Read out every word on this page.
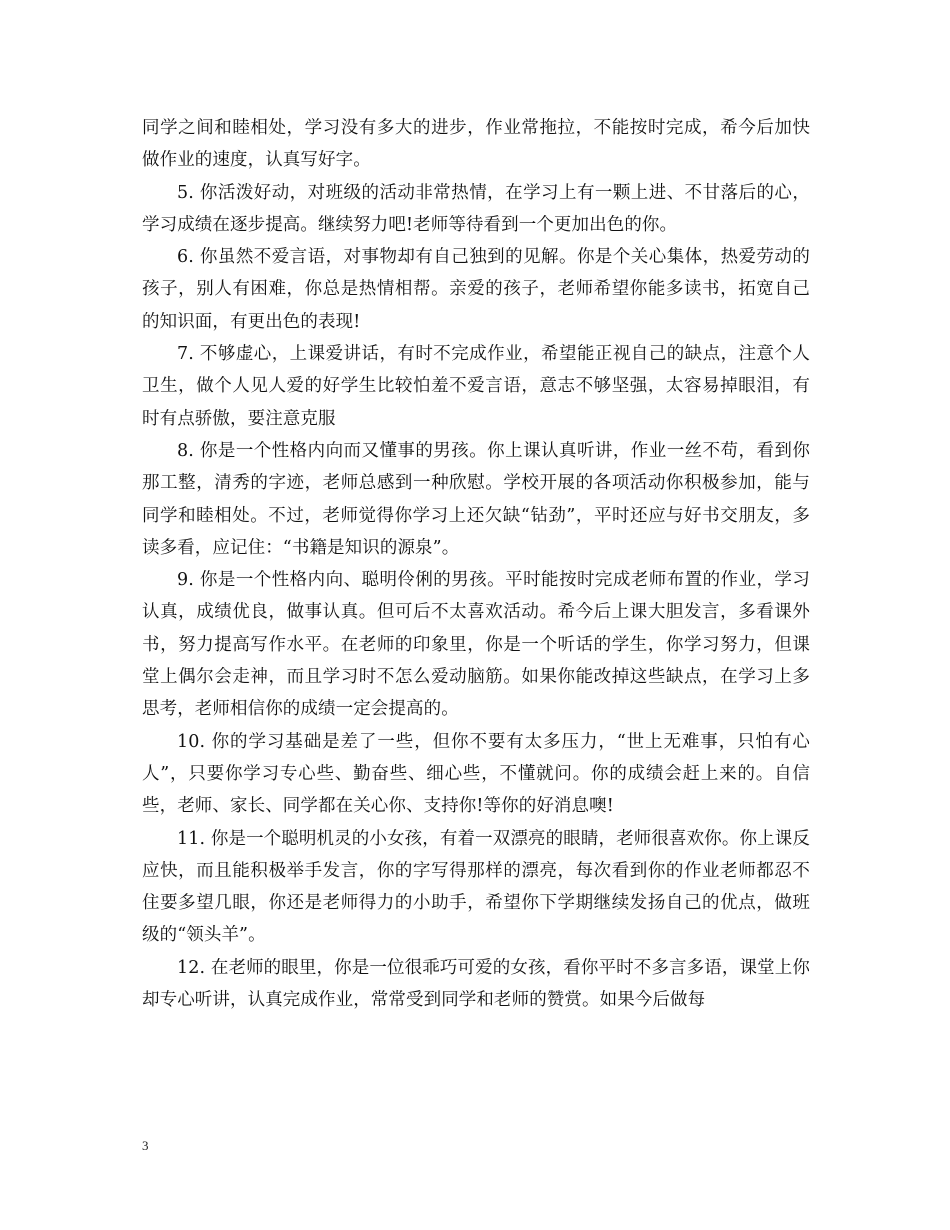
同学之间和睦相处，学习没有多大的进步，作业常拖拉，不能按时完成，希今后加快做作业的速度，认真写好字。

5. 你活泼好动，对班级的活动非常热情，在学习上有一颗上进、不甘落后的心，学习成绩在逐步提高。继续努力吧!老师等待看到一个更加出色的你。

6. 你虽然不爱言语，对事物却有自己独到的见解。你是个关心集体，热爱劳动的孩子，别人有困难，你总是热情相帮。亲爱的孩子，老师希望你能多读书，拓宽自己的知识面，有更出色的表现!

7. 不够虚心，上课爱讲话，有时不完成作业，希望能正视自己的缺点，注意个人卫生，做个人见人爱的好学生比较怕羞不爱言语，意志不够坚强，太容易掉眼泪，有时有点骄傲，要注意克服

8. 你是一个性格内向而又懂事的男孩。你上课认真听讲，作业一丝不苟，看到你那工整，清秀的字迹，老师总感到一种欣慰。学校开展的各项活动你积极参加，能与同学和睦相处。不过，老师觉得你学习上还欠缺“钻劲”，平时还应与好书交朋友，多读多看，应记住：“书籍是知识的源泉”。

9. 你是一个性格内向、聪明伶俐的男孩。平时能按时完成老师布置的作业，学习认真，成绩优良，做事认真。但可后不太喜欢活动。希今后上课大胆发言，多看课外书，努力提高写作水平。在老师的印象里，你是一个听话的学生，你学习努力，但课堂上偶尔会走神，而且学习时不怎么爱动脑筋。如果你能改掉这些缺点，在学习上多思考，老师相信你的成绩一定会提高的。

10. 你的学习基础是差了一些，但你不要有太多压力，“世上无难事，只怕有心人”，只要你学习专心些、勤奋些、细心些，不懂就问。你的成绩会赶上来的。自信些，老师、家长、同学都在关心你、支持你!等你的好消息噢!

11. 你是一个聪明机灵的小女孩，有着一双漂亮的眼睛，老师很喜欢你。你上课反应快，而且能积极举手发言，你的字写得那样的漂亮，每次看到你的作业老师都忍不住要多望几眼，你还是老师得力的小助手，希望你下学期继续发扬自己的优点，做班级的“领头羊”。

12. 在老师的眼里，你是一位很乖巧可爱的女孩，看你平时不多言多语，课堂上你却专心听讲，认真完成作业，常常受到同学和老师的赞赏。如果今后做每

3
